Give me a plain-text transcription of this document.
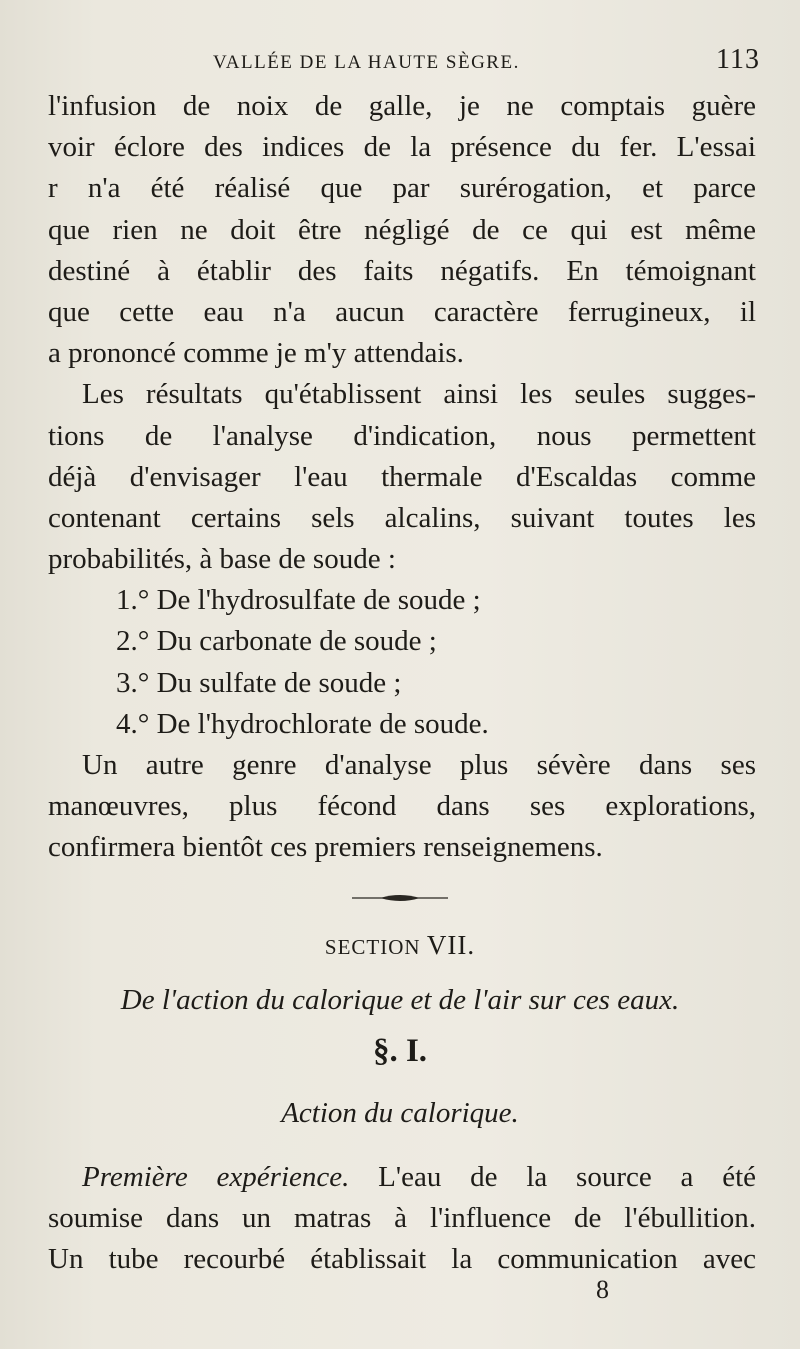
VALLÉE DE LA HAUTE SÈGRE.	113
l'infusion de noix de galle, je ne comptais guère
voir éclore des indices de la présence du fer. L'essai
r n'a été réalisé que par surérogation, et parce
que rien ne doit être négligé de ce qui est même
destiné à établir des faits négatifs. En témoignant
que cette eau n'a aucun caractère ferrugineux, il
a prononcé comme je m'y attendais.
Les résultats qu'établissent ainsi les seules sugges-
tions de l'analyse d'indication, nous permettent
déjà d'envisager l'eau thermale d'Escaldas comme
contenant certains sels alcalins, suivant toutes les
probabilités, à base de soude :
1.° De l'hydrosulfate de soude ;
2.° Du carbonate de soude ;
3.° Du sulfate de soude ;
4.° De l'hydrochlorate de soude.
Un autre genre d'analyse plus sévère dans ses
manœuvres, plus fécond dans ses explorations,
confirmera bientôt ces premiers renseignemens.
SECTION VII.
De l'action du calorique et de l'air sur ces eaux.
§. I.
Action du calorique.
Première expérience. L'eau de la source a été
soumise dans un matras à l'influence de l'ébullition.
Un tube recourbé établissait la communication avec
8
